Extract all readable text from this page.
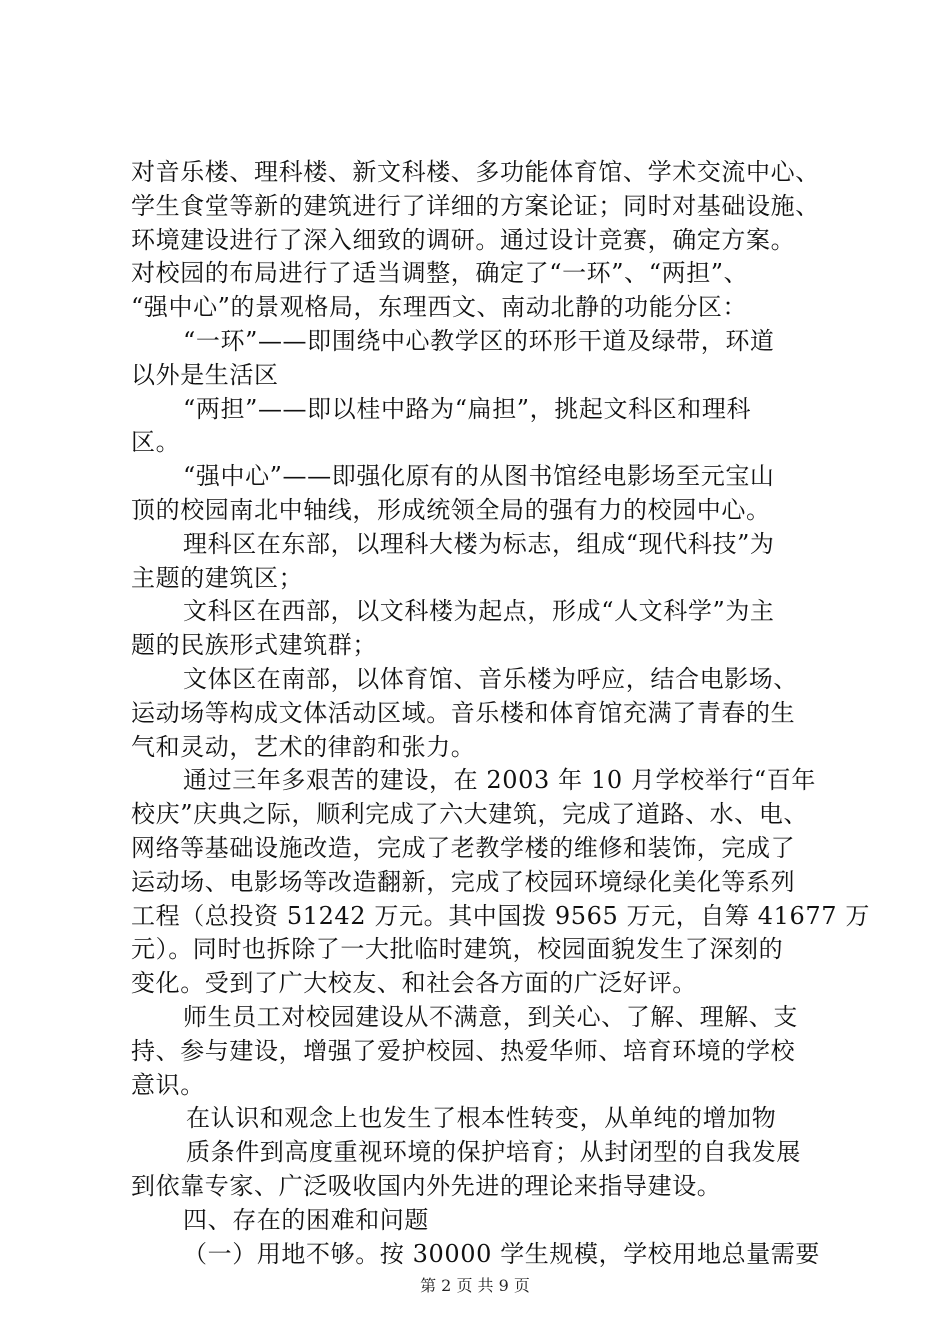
对音乐楼、理科楼、新文科楼、多功能体育馆、学术交流中心、
学生食堂等新的建筑进行了详细的方案论证；同时对基础设施、
环境建设进行了深入细致的调研。通过设计竞赛，确定方案。
对校园的布局进行了适当调整，确定了“一环”、“两担”、
“强中心”的景观格局，东理西文、南动北静的功能分区：
“一环”——即围绕中心教学区的环形干道及绿带，环道
以外是生活区
“两担”——即以桂中路为“扁担”，挑起文科区和理科
区。
“强中心”——即强化原有的从图书馆经电影场至元宝山
顶的校园南北中轴线，形成统领全局的强有力的校园中心。
理科区在东部，以理科大楼为标志，组成“现代科技”为
主题的建筑区；
文科区在西部，以文科楼为起点，形成“人文科学”为主
题的民族形式建筑群；
文体区在南部，以体育馆、音乐楼为呼应，结合电影场、
运动场等构成文体活动区域。音乐楼和体育馆充满了青春的生
气和灵动，艺术的律韵和张力。
通过三年多艰苦的建设，在 2003 年 10 月学校举行“百年
校庆”庆典之际，顺利完成了六大建筑，完成了道路、水、电、
网络等基础设施改造，完成了老教学楼的维修和装饰，完成了
运动场、电影场等改造翻新，完成了校园环境绿化美化等系列
工程（总投资 51242 万元。其中国拨 9565 万元，自筹 41677 万
元）。同时也拆除了一大批临时建筑，校园面貌发生了深刻的
变化。受到了广大校友、和社会各方面的广泛好评。
师生员工对校园建设从不满意，到关心、了解、理解、支
持、参与建设，增强了爱护校园、热爱华师、培育环境的学校
意识。
在认识和观念上也发生了根本性转变，从单纯的增加物
质条件到高度重视环境的保护培育；从封闭型的自我发展
到依靠专家、广泛吸收国内外先进的理论来指导建设。
四、存在的困难和问题
（一）用地不够。按 30000 学生规模，学校用地总量需要
第 2 页 共 9 页
